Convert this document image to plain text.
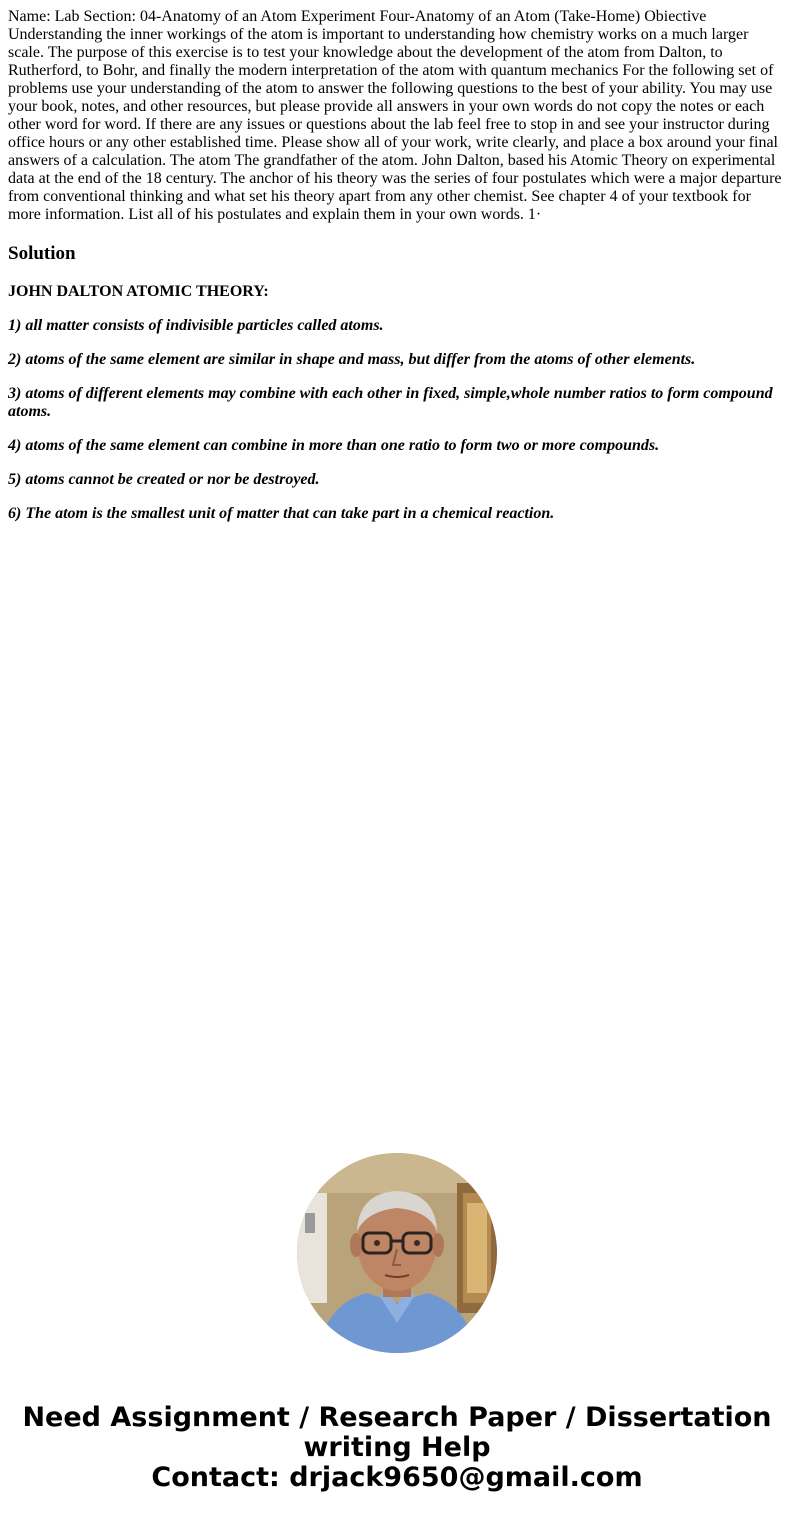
Name: Lab Section: 04-Anatomy of an Atom Experiment Four-Anatomy of an Atom (Take-Home) Obiective Understanding the inner workings of the atom is important to understanding how chemistry works on a much larger scale. The purpose of this exercise is to test your knowledge about the development of the atom from Dalton, to Rutherford, to Bohr, and finally the modern interpretation of the atom with quantum mechanics For the following set of problems use your understanding of the atom to answer the following questions to the best of your ability. You may use your book, notes, and other resources, but please provide all answers in your own words do not copy the notes or each other word for word. If there are any issues or questions about the lab feel free to stop in and see your instructor during office hours or any other established time. Please show all of your work, write clearly, and place a box around your final answers of a calculation. The atom The grandfather of the atom. John Dalton, based his Atomic Theory on experimental data at the end of the 18 century. The anchor of his theory was the series of four postulates which were a major departure from conventional thinking and what set his theory apart from any other chemist. See chapter 4 of your textbook for more information. List all of his postulates and explain them in your own words. 1·

Solution

JOHN DALTON ATOMIC THEORY:

1) all matter consists of indivisible particles called atoms.

2) atoms of the same element are similar in shape and mass, but differ from the atoms of other elements.

3) atoms of different elements may combine with each other in fixed, simple,whole number ratios to form compound atoms.

4) atoms of the same element can combine in more than one ratio to form two or more compounds.

5) atoms cannot be created or nor be destroyed.

6) The atom is the smallest unit of matter that can take part in a chemical reaction.

Need Assignment / Research Paper / Dissertation
writing Help
Contact: drjack9650@gmail.com
